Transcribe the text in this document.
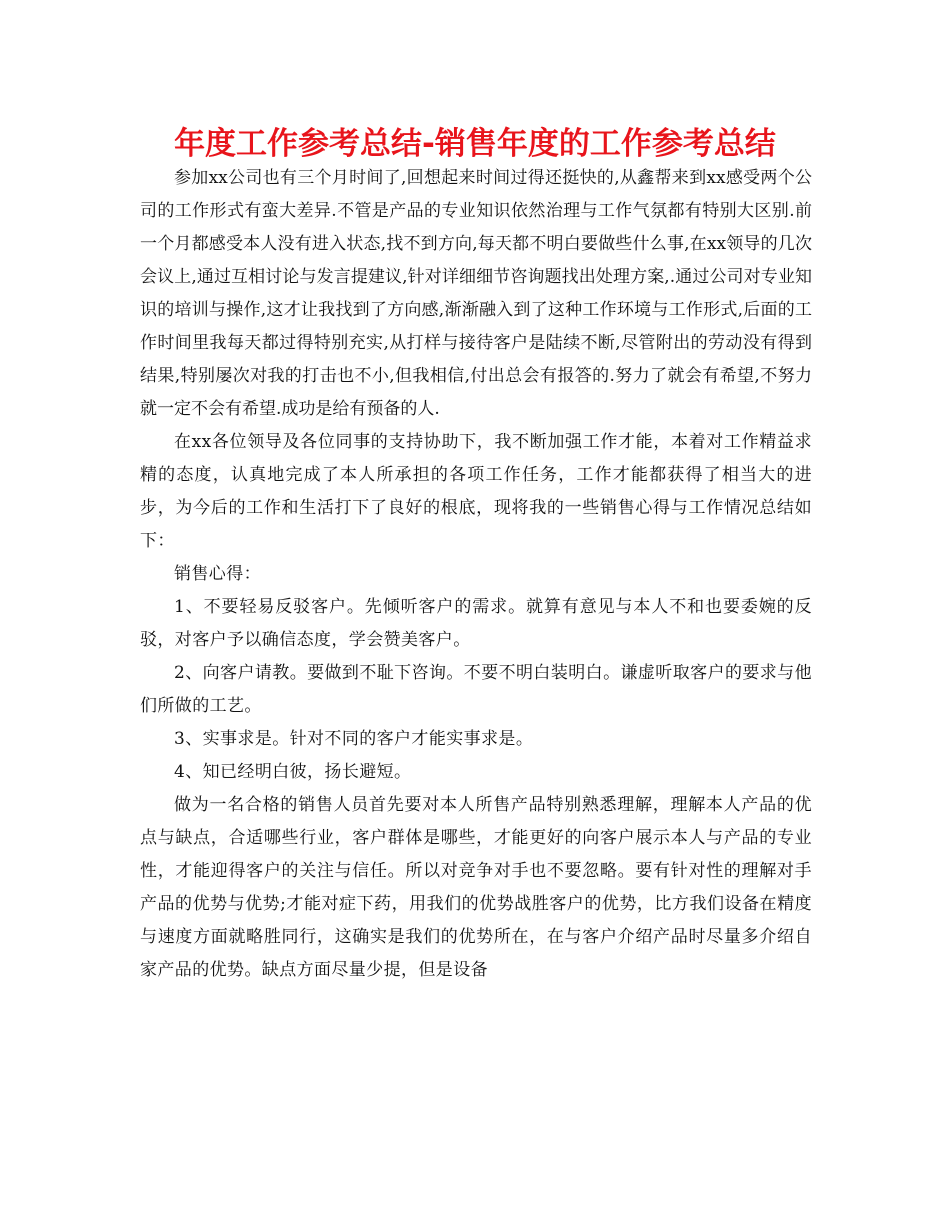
年度工作参考总结-销售年度的工作参考总结

参加xx公司也有三个月时间了,回想起来时间过得还挺快的,从鑫帮来到xx感受两个公司的工作形式有蛮大差异.不管是产品的专业知识依然治理与工作气氛都有特别大区别.前一个月都感受本人没有进入状态,找不到方向,每天都不明白要做些什么事,在xx领导的几次会议上,通过互相讨论与发言提建议,针对详细细节咨询题找出处理方案,.通过公司对专业知识的培训与操作,这才让我找到了方向感,渐渐融入到了这种工作环境与工作形式,后面的工作时间里我每天都过得特别充实,从打样与接待客户是陆续不断,尽管附出的劳动没有得到结果,特别屡次对我的打击也不小,但我相信,付出总会有报答的.努力了就会有希望,不努力就一定不会有希望.成功是给有预备的人.

在xx各位领导及各位同事的支持协助下，我不断加强工作才能，本着对工作精益求精的态度，认真地完成了本人所承担的各项工作任务，工作才能都获得了相当大的进步，为今后的工作和生活打下了良好的根底，现将我的一些销售心得与工作情况总结如下：

销售心得：

1、不要轻易反驳客户。先倾听客户的需求。就算有意见与本人不和也要委婉的反驳，对客户予以确信态度，学会赞美客户。

2、向客户请教。要做到不耻下咨询。不要不明白装明白。谦虚听取客户的要求与他们所做的工艺。

3、实事求是。针对不同的客户才能实事求是。

4、知已经明白彼，扬长避短。

做为一名合格的销售人员首先要对本人所售产品特别熟悉理解，理解本人产品的优点与缺点，合适哪些行业，客户群体是哪些，才能更好的向客户展示本人与产品的专业性，才能迎得客户的关注与信任。所以对竞争对手也不要忽略。要有针对性的理解对手产品的优势与优势;才能对症下药，用我们的优势战胜客户的优势，比方我们设备在精度与速度方面就略胜同行，这确实是我们的优势所在，在与客户介绍产品时尽量多介绍自家产品的优势。缺点方面尽量少提，但是设备
